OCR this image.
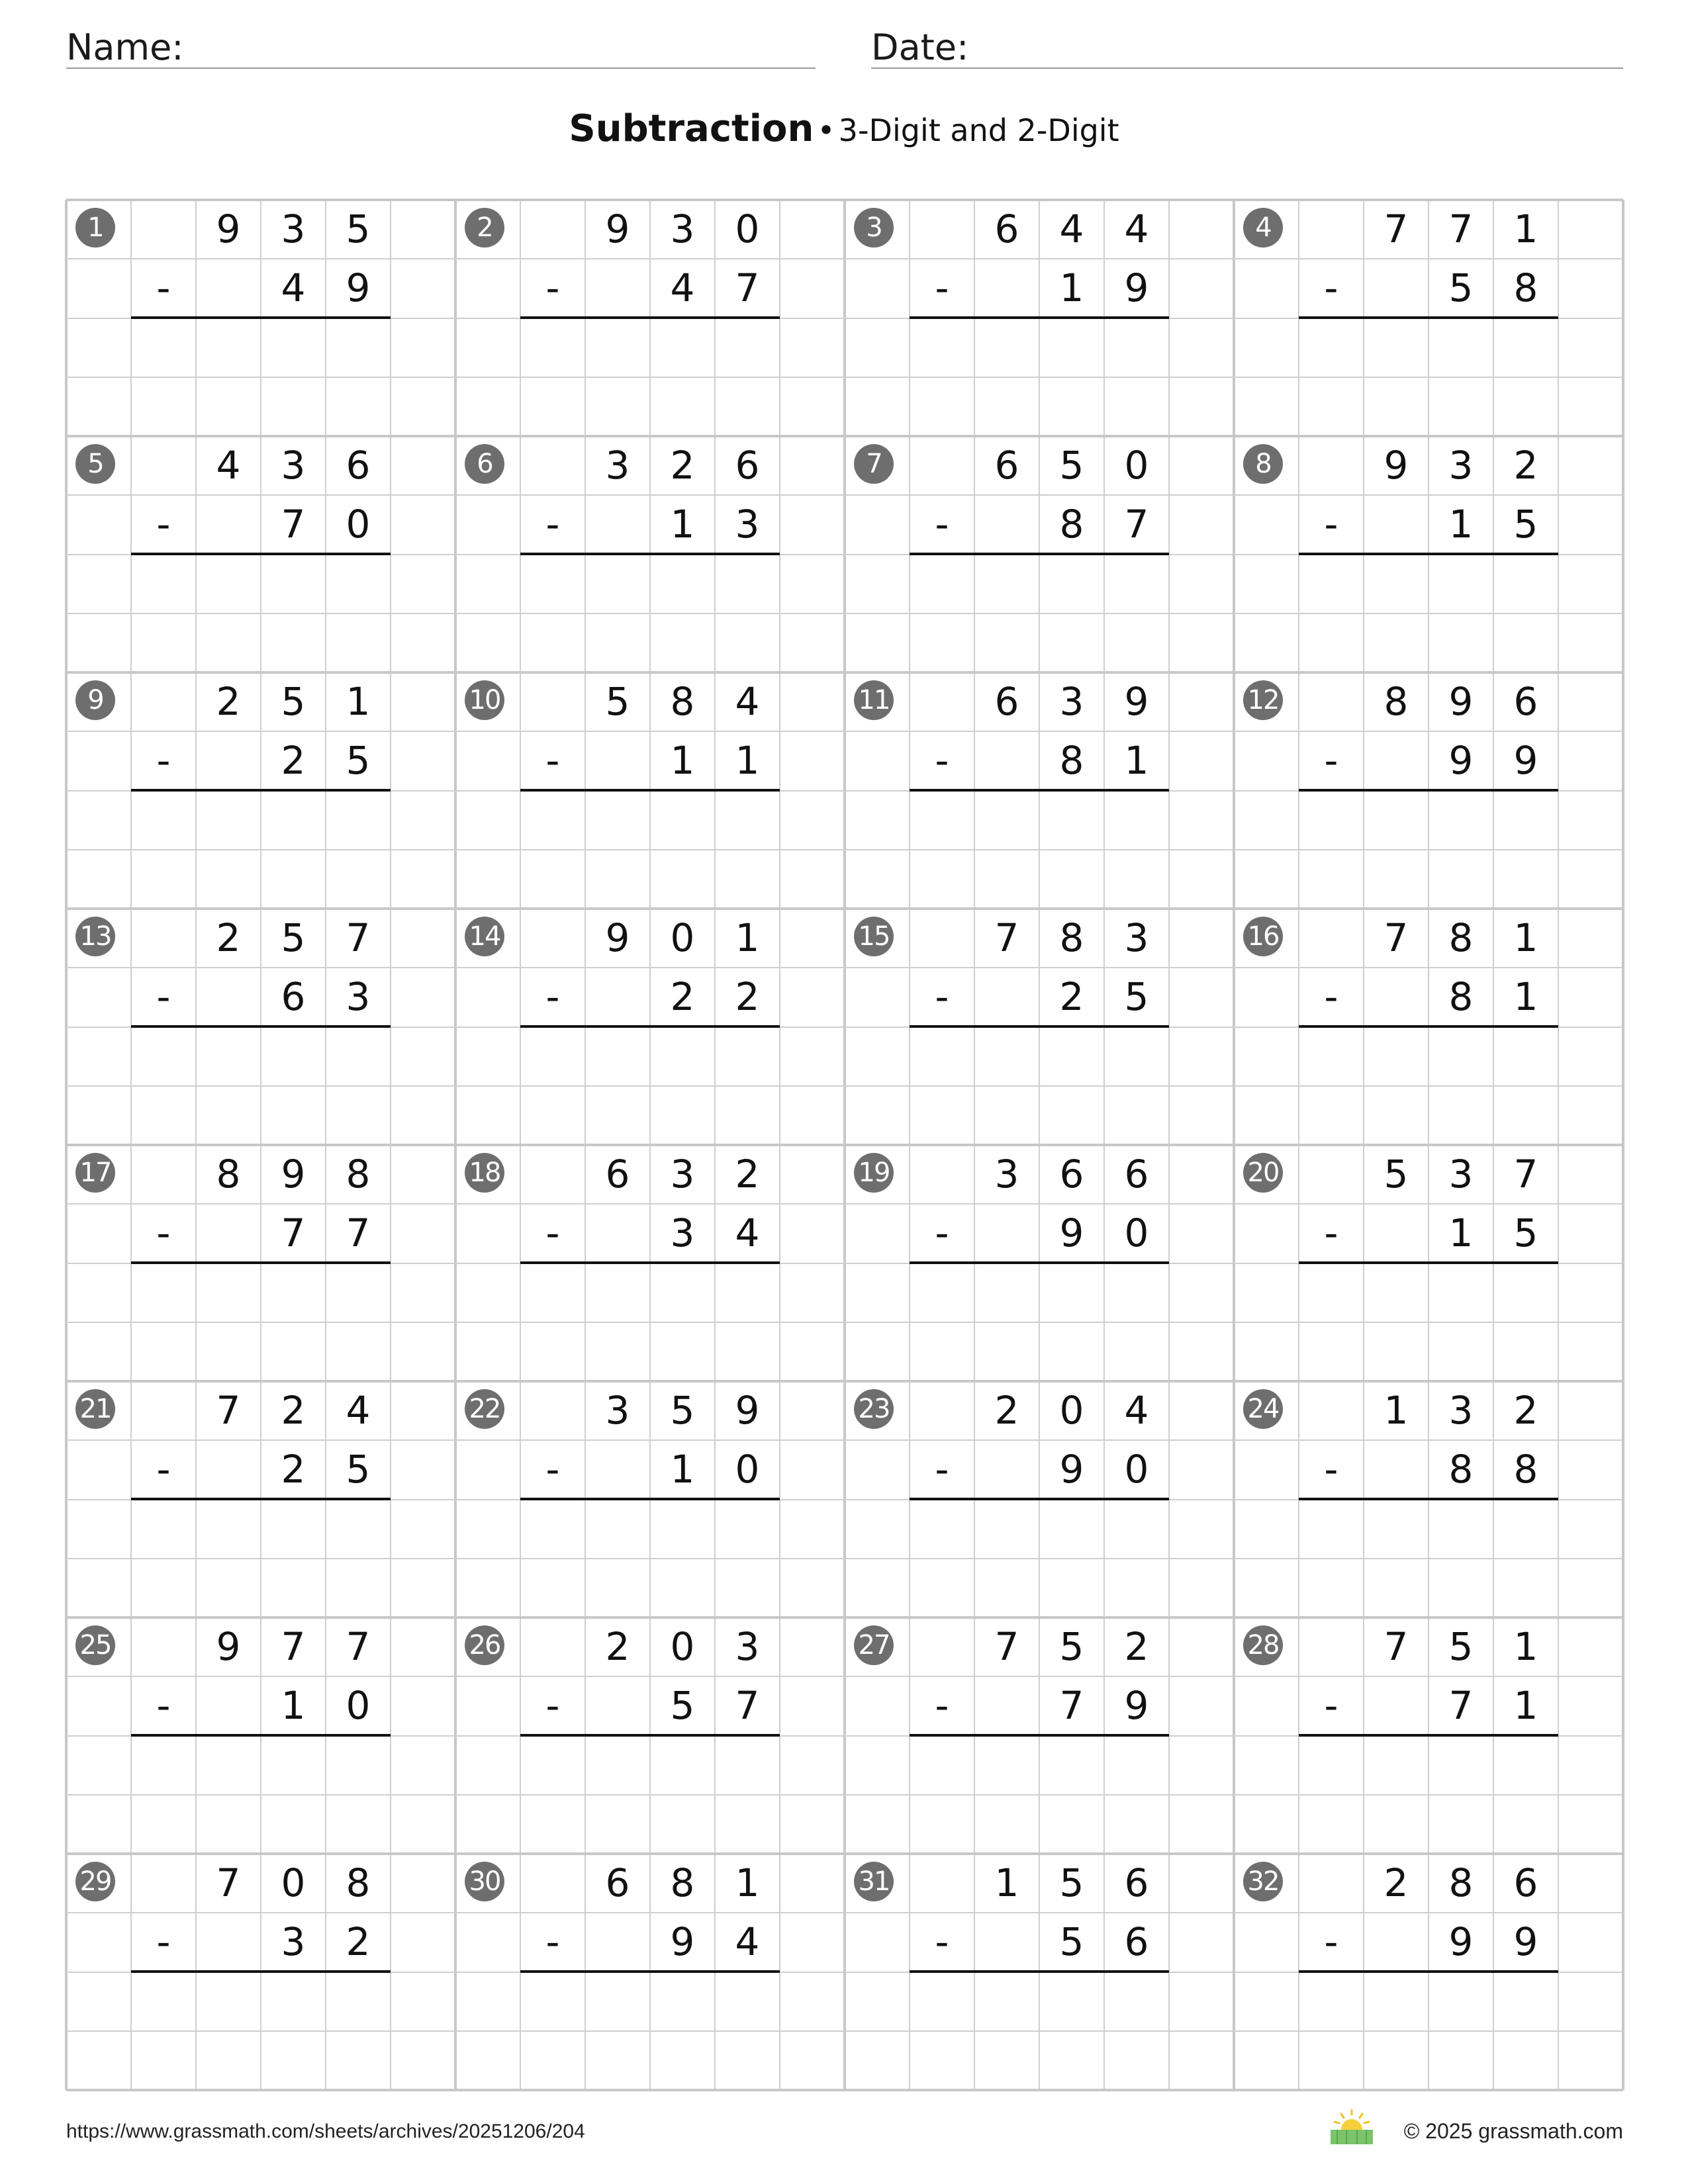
Name:	Date:
Subtraction • 3-Digit and 2-Digit
1	9	3	5
-	4	9
2	9	3	0
-	4	7
3	6	4	4
-	1	9
4	7	7	1
-	5	8
5	4	3	6
-	7	0
6	3	2	6
-	1	3
7	6	5	0
-	8	7
8	9	3	2
-	1	5
9	2	5	1
-	2	5
10	5	8	4
-	1	1
11	6	3	9
-	8	1
12	8	9	6
-	9	9
13	2	5	7
-	6	3
14	9	0	1
-	2	2
15	7	8	3
-	2	5
16	7	8	1
-	8	1
17	8	9	8
-	7	7
18	6	3	2
-	3	4
19	3	6	6
-	9	0
20	5	3	7
-	1	5
21	7	2	4
-	2	5
22	3	5	9
-	1	0
23	2	0	4
-	9	0
24	1	3	2
-	8	8
25	9	7	7
-	1	0
26	2	0	3
-	5	7
27	7	5	2
-	7	9
28	7	5	1
-	7	1
29	7	0	8
-	3	2
30	6	8	1
-	9	4
31	1	5	6
-	5	6
32	2	8	6
-	9	9
https://www.grassmath.com/sheets/archives/20251206/204	© 2025 grassmath.com
